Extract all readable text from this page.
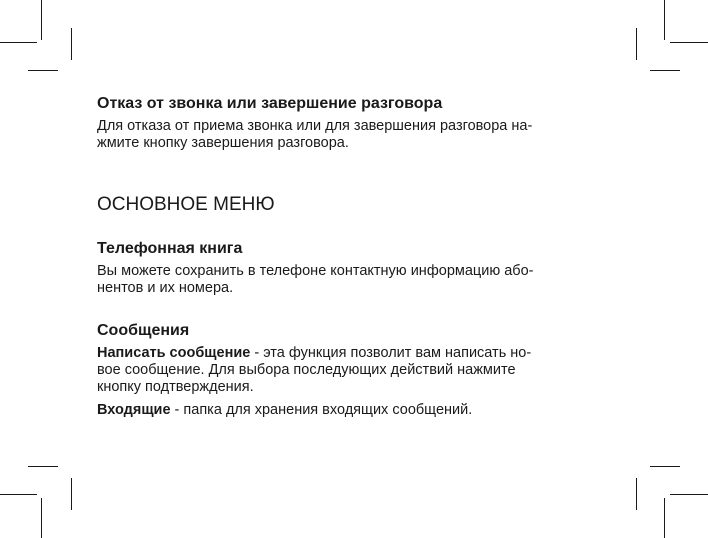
Отказ от звонка или завершение разговора

Для отказа от приема звонка или для завершения разговора на-
жмите кнопку завершения разговора.

ОСНОВНОЕ МЕНЮ
Телефонная книга

Вы можете сохранить в телефоне контактную информацию або-
нентов и их номера.

Сообщения

Написать сообщение - эта функция позволит вам написать но-
вое сообщение. Для выбора последующих действий нажмите
кнопку подтверждения.

Входящие - папка для хранения входящих сообщений.
